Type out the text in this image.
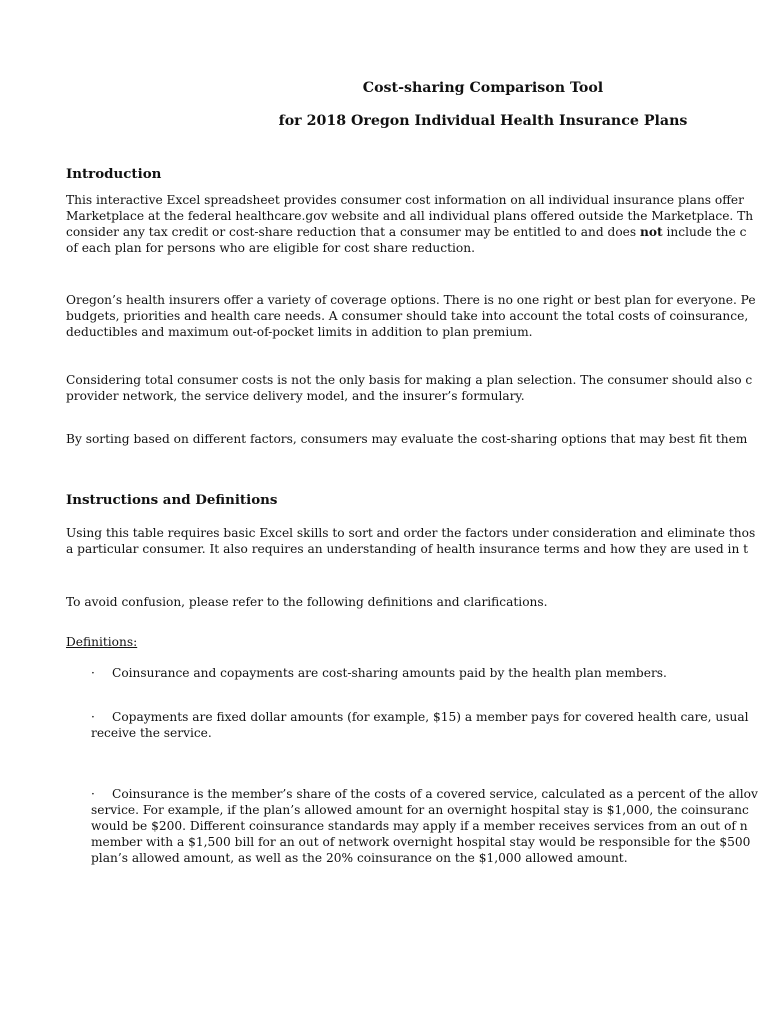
Cost-sharing Comparison Tool
for 2018 Oregon Individual Health Insurance Plans
Introduction
This interactive Excel spreadsheet provides consumer cost information on all individual insurance plans offer
Marketplace at the federal healthcare.gov website and all individual plans offered outside the Marketplace. Th
consider any tax credit or cost-share reduction that a consumer may be entitled to and does not include the c
of each plan for persons who are eligible for cost share reduction.
Oregon’s health insurers offer a variety of coverage options. There is no one right or best plan for everyone. Pe
budgets, priorities and health care needs. A consumer should take into account the total costs of coinsurance,
deductibles and maximum out-of-pocket limits in addition to plan premium.
Considering total consumer costs is not the only basis for making a plan selection. The consumer should also c
provider network, the service delivery model, and the insurer’s formulary.
By sorting based on different factors, consumers may evaluate the cost-sharing options that may best fit them
Instructions and Definitions
Using this table requires basic Excel skills to sort and order the factors under consideration and eliminate thos
a particular consumer. It also requires an understanding of health insurance terms and how they are used in t
To avoid confusion, please refer to the following definitions and clarifications.
Definitions:
· Coinsurance and copayments are cost-sharing amounts paid by the health plan members.
· Copayments are fixed dollar amounts (for example, $15) a member pays for covered health care, usual
receive the service.
· Coinsurance is the member’s share of the costs of a covered service, calculated as a percent of the allov
service. For example, if the plan’s allowed amount for an overnight hospital stay is $1,000, the coinsuranc
would be $200. Different coinsurance standards may apply if a member receives services from an out of n
member with a $1,500 bill for an out of network overnight hospital stay would be responsible for the $500
plan’s allowed amount, as well as the 20% coinsurance on the $1,000 allowed amount.
